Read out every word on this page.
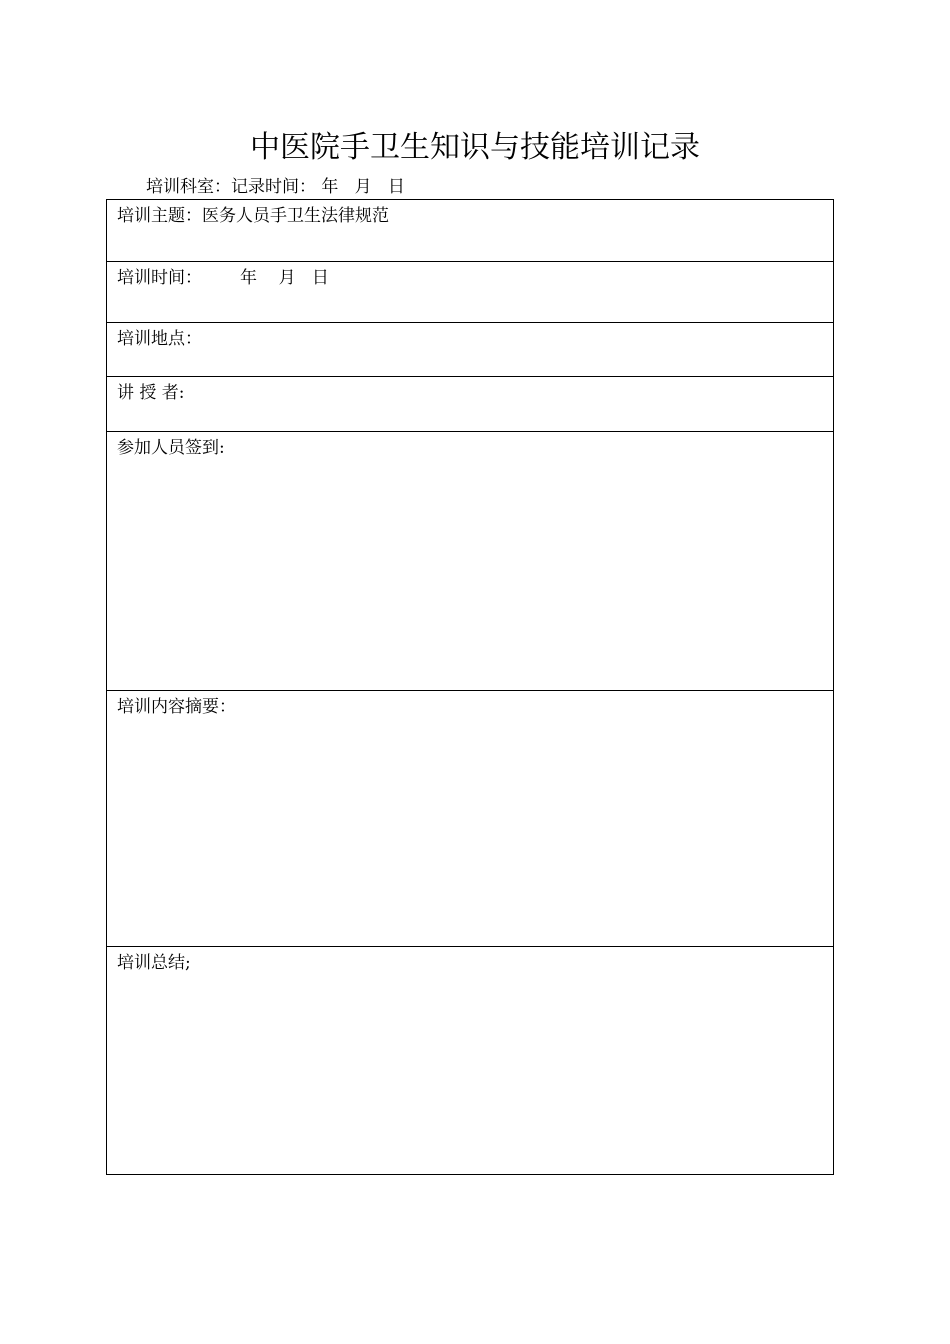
中医院手卫生知识与技能培训记录
培训科室：记录时间： 年 月 日
培训主题：医务人员手卫生法律规范
培训时间： 年 月 日
培训地点：
讲 授 者:
参加人员签到:
培训内容摘要：
培训总结;
